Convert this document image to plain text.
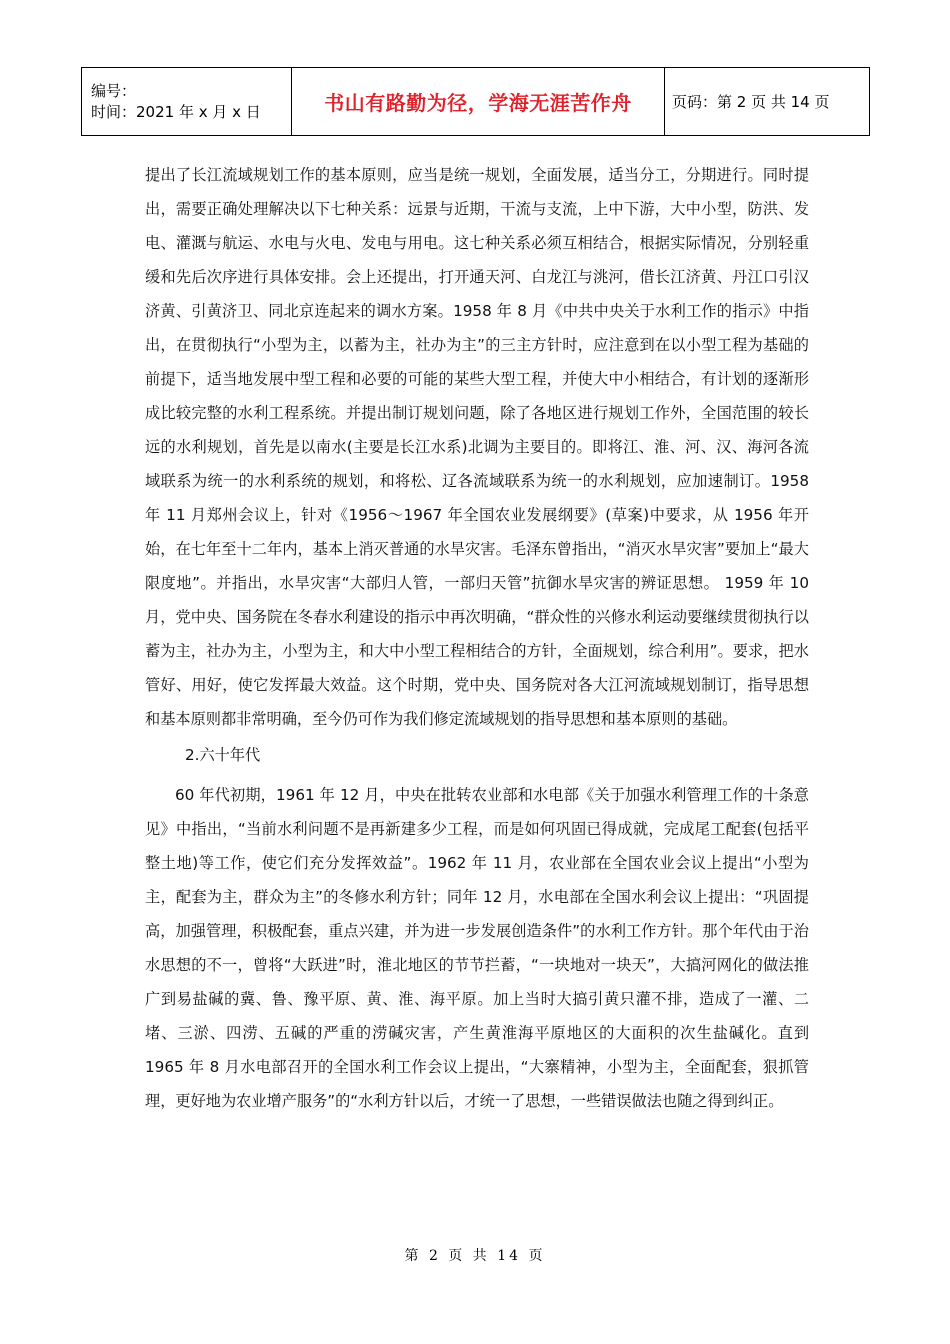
编号：
时间：2021 年 x 月 x 日	书山有路勤为径，学海无涯苦作舟	页码：第 2 页 共 14 页

提出了长江流域规划工作的基本原则，应当是统一规划，全面发展，适当分工，分期进行。同时提出，需要正确处理解决以下七种关系：远景与近期，干流与支流，上中下游，大中小型，防洪、发电、灌溉与航运、水电与火电、发电与用电。这七种关系必须互相结合，根据实际情况，分别轻重缓和先后次序进行具体安排。会上还提出，打开通天河、白龙江与洮河，借长江济黄、丹江口引汉济黄、引黄济卫、同北京连起来的调水方案。1958 年 8 月《中共中央关于水利工作的指示》中指出，在贯彻执行“小型为主，以蓄为主，社办为主”的三主方针时，应注意到在以小型工程为基础的前提下，适当地发展中型工程和必要的可能的某些大型工程，并使大中小相结合，有计划的逐渐形成比较完整的水利工程系统。并提出制订规划问题，除了各地区进行规划工作外，全国范围的较长远的水利规划，首先是以南水(主要是长江水系)北调为主要目的。即将江、淮、河、汉、海河各流域联系为统一的水利系统的规划，和将松、辽各流域联系为统一的水利规划，应加速制订。1958 年 11 月郑州会议上，针对《1956～1967 年全国农业发展纲要》(草案)中要求，从 1956 年开始，在七年至十二年内，基本上消灭普通的水旱灾害。毛泽东曾指出，“消灭水旱灾害”要加上“最大限度地”。并指出，水旱灾害“大部归人管，一部归天管”抗御水旱灾害的辨证思想。 1959 年 10 月，党中央、国务院在冬春水利建设的指示中再次明确，“群众性的兴修水利运动要继续贯彻执行以蓄为主，社办为主，小型为主，和大中小型工程相结合的方针，全面规划，综合利用”。要求，把水管好、用好，使它发挥最大效益。这个时期，党中央、国务院对各大江河流域规划制订，指导思想和基本原则都非常明确，至今仍可作为我们修定流域规划的指导思想和基本原则的基础。

2.六十年代

60 年代初期，1961 年 12 月，中央在批转农业部和水电部《关于加强水利管理工作的十条意见》中指出，“当前水利问题不是再新建多少工程，而是如何巩固已得成就，完成尾工配套(包括平整土地)等工作，使它们充分发挥效益”。1962 年 11 月，农业部在全国农业会议上提出“小型为主，配套为主，群众为主”的冬修水利方针；同年 12 月，水电部在全国水利会议上提出：“巩固提高，加强管理，积极配套，重点兴建，并为进一步发展创造条件”的水利工作方针。那个年代由于治水思想的不一，曾将“大跃进”时，淮北地区的节节拦蓄，“一块地对一块天”，大搞河网化的做法推广到易盐碱的冀、鲁、豫平原、黄、淮、海平原。加上当时大搞引黄只灌不排，造成了一灌、二堵、三淤、四涝、五碱的严重的涝碱灾害，产生黄淮海平原地区的大面积的次生盐碱化。直到 1965 年 8 月水电部召开的全国水利工作会议上提出，“大寨精神，小型为主，全面配套，狠抓管理，更好地为农业增产服务”的“水利方针以后，才统一了思想，一些错误做法也随之得到纠正。

第 2 页 共 14 页
